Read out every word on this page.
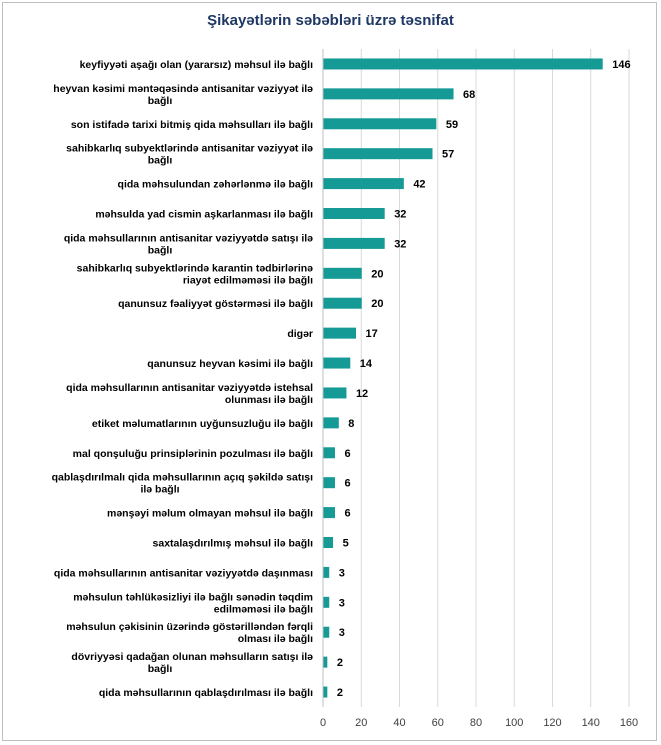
Şikayətlərin səbəbləri üzrə təsnifat
0	20 40 60 80 100 120 140 160
146
keyfiyyəti aşağı olan (yararsız) məhsul ilə bağlı
68
heyvan kəsimi məntəqəsində antisanitar vəziyyət ilə bağlı
59
son istifadə tarixi bitmiş qida məhsulları ilə bağlı
57
sahibkarlıq subyektlərində antisanitar vəziyyət ilə bağlı
42
qida məhsulundan zəhərlənmə ilə bağlı
32
məhsulda yad cismin aşkarlanması ilə bağlı
32
qida məhsullarının antisanitar vəziyyətdə satışı ilə bağlı
20
sahibkarlıq subyektlərində karantin tədbirlərinə riayət edilməməsi ilə bağlı
20
qanunsuz fəaliyyət göstərməsi ilə bağlı
17
digər
14
qanunsuz heyvan kəsimi ilə bağlı
12
qida məhsullarının antisanitar vəziyyətdə istehsal olunması ilə bağlı
8
etiket məlumatlarının uyğunsuzluğu ilə bağlı
6
mal qonşuluğu prinsiplərinin pozulması ilə bağlı
6
qablaşdırılmalı qida məhsullarının açıq şəkildə satışı ilə bağlı
6
mənşəyi məlum olmayan məhsul ilə bağlı
5
saxtalaşdırılmış məhsul ilə bağlı
3
qida məhsullarının antisanitar vəziyyətdə daşınması
3
məhsulun təhlükəsizliyi ilə bağlı sənədin təqdim edilməməsi ilə bağlı
3
məhsulun çəkisinin üzərində göstərilləndən fərqli olması ilə bağlı
2
dövriyyəsi qadağan olunan məhsulların satışı ilə bağlı
2
qida məhsullarının qablaşdırılması ilə bağlı
